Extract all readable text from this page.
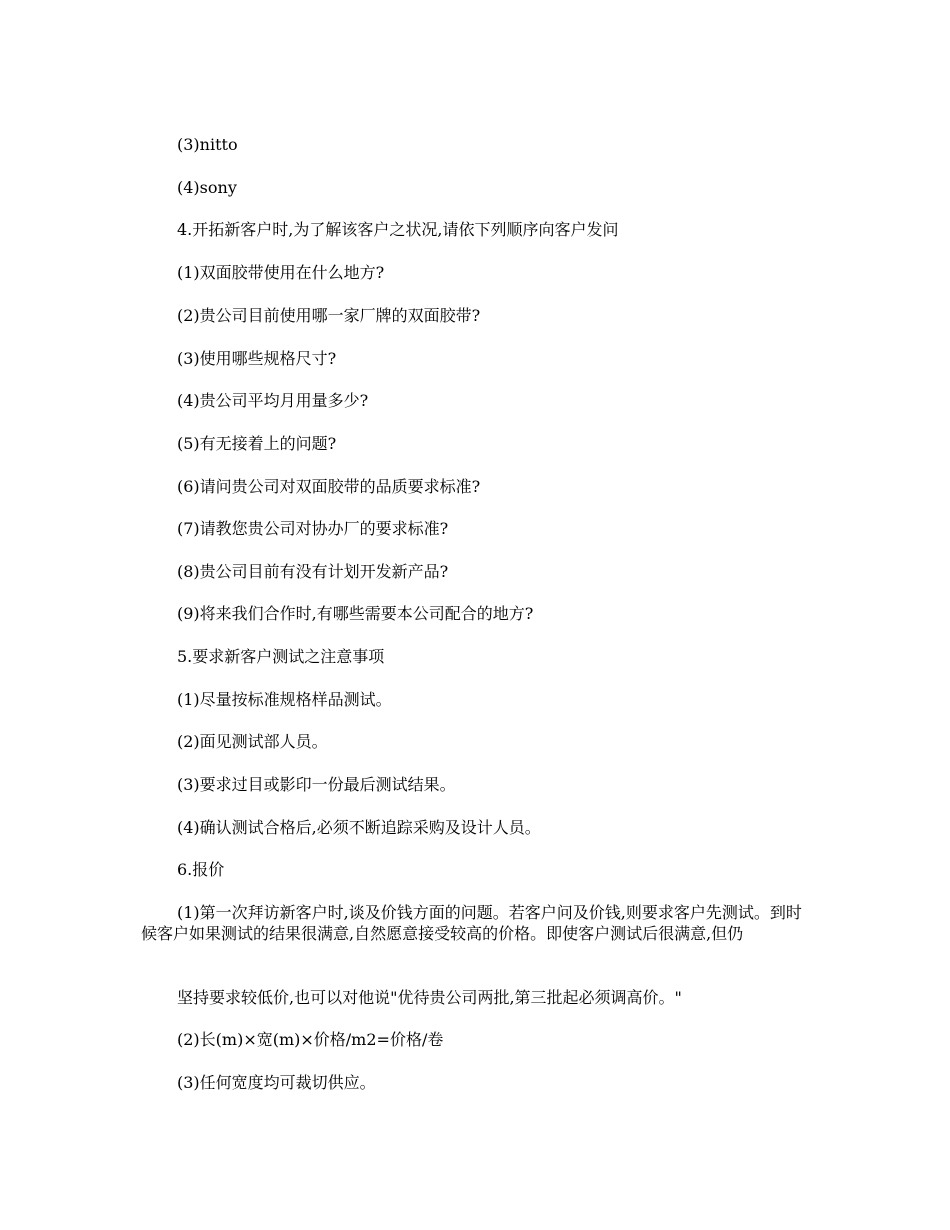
(3)nitto
(4)sony
4.开拓新客户时,为了解该客户之状况,请依下列顺序向客户发问
(1)双面胶带使用在什么地方?
(2)贵公司目前使用哪一家厂牌的双面胶带?
(3)使用哪些规格尺寸?
(4)贵公司平均月用量多少?
(5)有无接着上的问题?
(6)请问贵公司对双面胶带的品质要求标准?
(7)请教您贵公司对协办厂的要求标准?
(8)贵公司目前有没有计划开发新产品?
(9)将来我们合作时,有哪些需要本公司配合的地方?
5.要求新客户测试之注意事项
(1)尽量按标准规格样品测试。
(2)面见测试部人员。
(3)要求过目或影印一份最后测试结果。
(4)确认测试合格后,必须不断追踪采购及设计人员。
6.报价
(1)第一次拜访新客户时,谈及价钱方面的问题。若客户问及价钱,则要求客户先测试。到时候客户如果测试的结果很满意,自然愿意接受较高的价格。即使客户测试后很满意,但仍
坚持要求较低价,也可以对他说"优待贵公司两批,第三批起必须调高价。"
(2)长(m)×宽(m)×价格/m2=价格/卷
(3)任何宽度均可裁切供应。
